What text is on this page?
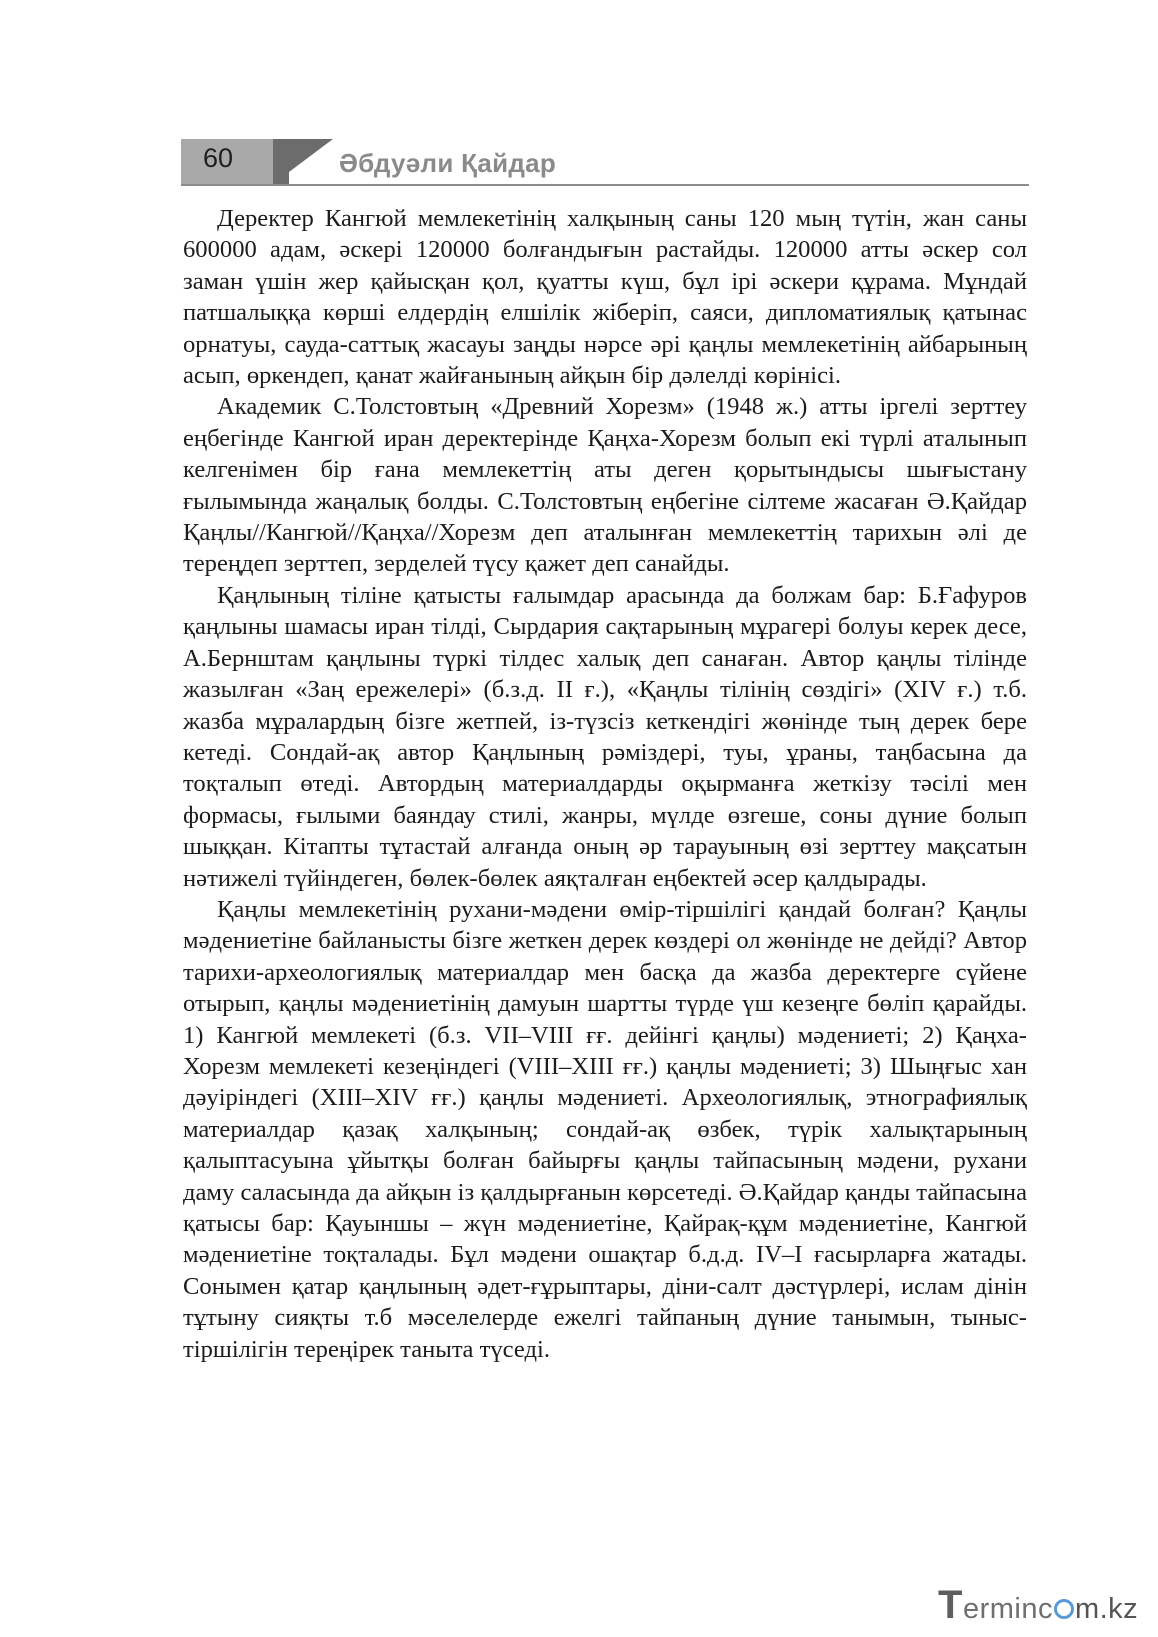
60	Әбдуәли Қайдар

Деректер Кангюй мемлекетінің халқының саны 120 мың түтін, жан саны 600000 адам, әскері 120000 болғандығын растайды. 120000 атты әскер сол заман үшін жер қайысқан қол, қуатты күш, бұл ірі әскери құрама. Мұндай патшалыққа көрші елдердің елшілік жіберіп, саяси, дипломатиялық қатынас орнатуы, сауда-саттық жасауы заңды нәрсе әрі қаңлы мемлекетінің айбарының асып, өркендеп, қанат жайғанының айқын бір дәлелді көрінісі.

Академик С.Толстовтың «Древний Хорезм» (1948 ж.) атты іргелі зерттеу еңбегінде Кангюй иран деректерінде Қаңха-Хорезм болып екі түрлі аталынып келгенімен бір ғана мемлекеттің аты деген қорытындысы шығыстану ғылымында жаңалық болды. С.Толстовтың еңбегіне сілтеме жасаған Ә.Қайдар Қаңлы//Кангюй//Қаңха//Хорезм деп аталынған мемлекеттің тарихын әлі де тереңдеп зерттеп, зерделей түсу қажет деп санайды.

Қаңлының тіліне қатысты ғалымдар арасында да болжам бар: Б.Ғафуров қаңлыны шамасы иран тілді, Сырдария сақтарының мұрагері болуы керек десе, А.Бернштам қаңлыны түркі тілдес халық деп санаған. Автор қаңлы тілінде жазылған «Заң ережелері» (б.з.д. ІІ ғ.), «Қаңлы тілінің сөздігі» (ХІV ғ.) т.б. жазба мұралардың бізге жетпей, із-түзсіз кеткендігі жөнінде тың дерек бере кетеді. Сондай-ақ автор Қаңлының рәміздері, туы, ұраны, таңбасына да тоқталып өтеді. Автордың материалдарды оқырманға жеткізу тәсілі мен формасы, ғылыми баяндау стилі, жанры, мүлде өзгеше, соны дүние болып шыққан. Кітапты тұтастай алғанда оның әр тарауының өзі зерттеу мақсатын нәтижелі түйіндеген, бөлек-бөлек аяқталған еңбектей әсер қалдырады.

Қаңлы мемлекетінің рухани-мәдени өмір-тіршілігі қандай болған? Қаңлы мәдениетіне байланысты бізге жеткен дерек көздері ол жөнінде не дейді? Автор тарихи-археологиялық материалдар мен басқа да жазба деректерге сүйене отырып, қаңлы мәдениетінің дамуын шартты түрде үш кезеңге бөліп қарайды. 1) Кангюй мемлекеті (б.з. VІІ–VІІІ ғғ. дейінгі қаңлы) мәдениеті; 2) Қаңха-Хорезм мемлекеті кезеңіндегі (VІІІ–ХІІІ ғғ.) қаңлы мәдениеті; 3) Шыңғыс хан дәуіріндегі (ХІІІ–ХІV ғғ.) қаңлы мәдениеті. Археологиялық, этнографиялық материалдар қазақ халқының; сондай-ақ өзбек, түрік халықтарының қалыптасуына ұйытқы болған байырғы қаңлы тайпасының мәдени, рухани даму саласында да айқын із қалдырғанын көрсетеді. Ә.Қайдар қанды тайпасына қатысы бар: Қауыншы – жүн мәдениетіне, Қайрақ-құм мәдениетіне, Кангюй мәдениетіне тоқталады. Бұл мәдени ошақтар б.д.д. ІV–І ғасырларға жатады. Сонымен қатар қаңлының әдет-ғұрыптары, діни-салт дәстүрлері, ислам дінін тұтыну сияқты т.б мәселелерде ежелгі тайпаның дүние танымын, тыныс-тіршілігін тереңірек танытa түседі.

Terminc m.kz
